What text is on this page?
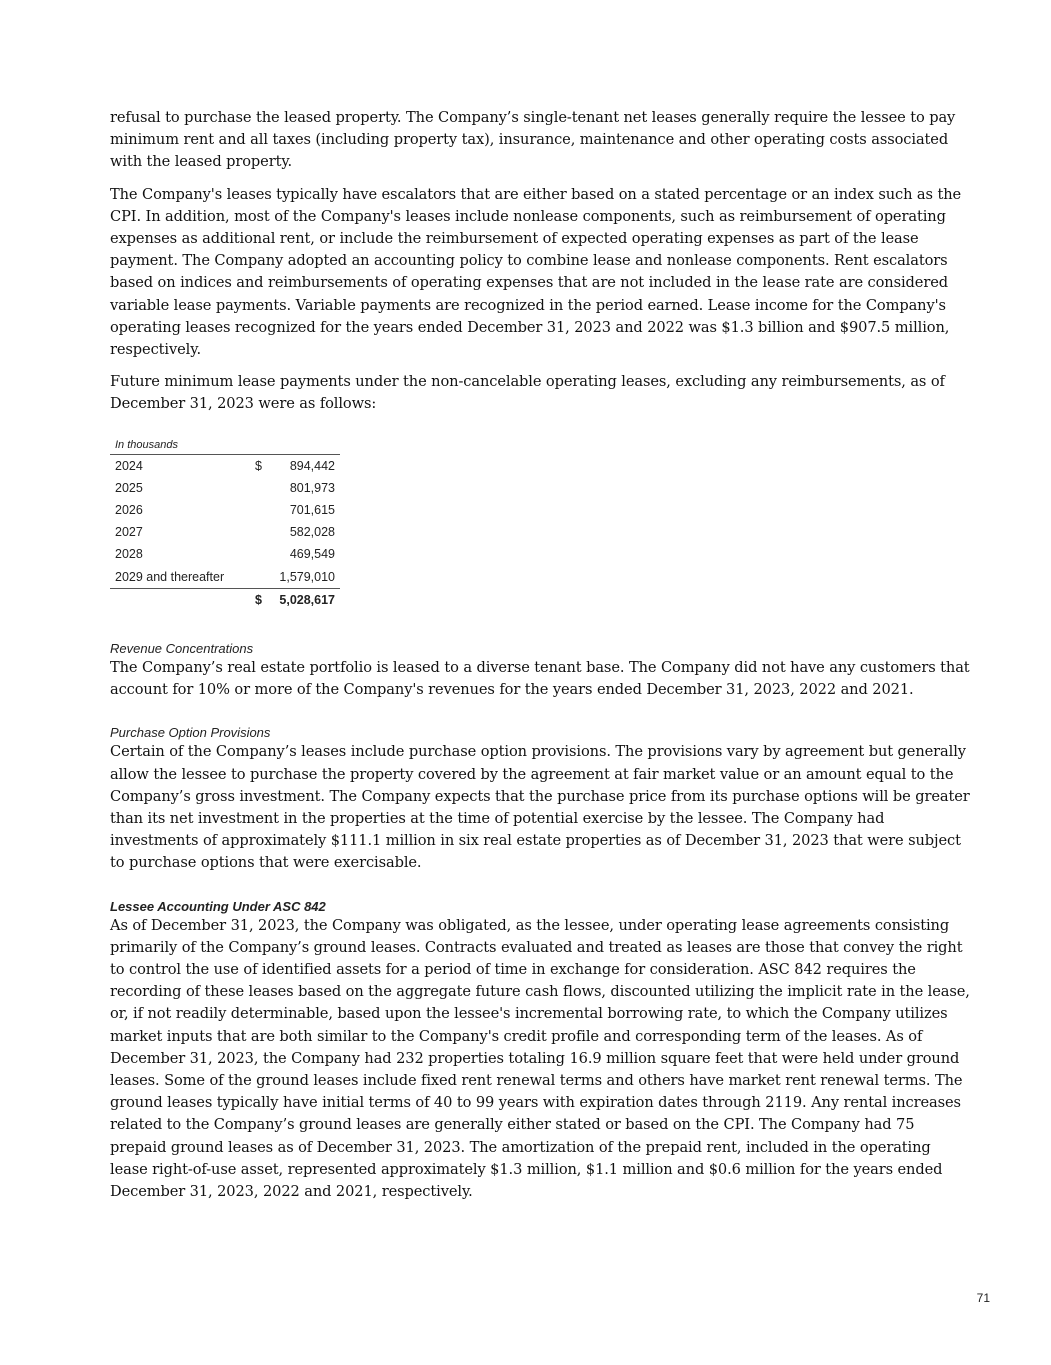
refusal to purchase the leased property. The Company’s single-tenant net leases generally require the lessee to pay minimum rent and all taxes (including property tax), insurance, maintenance and other operating costs associated with the leased property.

The Company's leases typically have escalators that are either based on a stated percentage or an index such as the CPI. In addition, most of the Company's leases include nonlease components, such as reimbursement of operating expenses as additional rent, or include the reimbursement of expected operating expenses as part of the lease payment. The Company adopted an accounting policy to combine lease and nonlease components. Rent escalators based on indices and reimbursements of operating expenses that are not included in the lease rate are considered variable lease payments. Variable payments are recognized in the period earned. Lease income for the Company's operating leases recognized for the years ended December 31, 2023 and 2022 was $1.3 billion and $907.5 million, respectively.

Future minimum lease payments under the non-cancelable operating leases, excluding any reimbursements, as of December 31, 2023 were as follows:

In thousands
2024	$	894,442
2025		801,973
2026		701,615
2027		582,028
2028		469,549
2029 and thereafter		1,579,010
	$	5,028,617
Revenue Concentrations

The Company’s real estate portfolio is leased to a diverse tenant base. The Company did not have any customers that account for 10% or more of the Company's revenues for the years ended December 31, 2023, 2022 and 2021.

Purchase Option Provisions

Certain of the Company’s leases include purchase option provisions. The provisions vary by agreement but generally allow the lessee to purchase the property covered by the agreement at fair market value or an amount equal to the Company’s gross investment. The Company expects that the purchase price from its purchase options will be greater than its net investment in the properties at the time of potential exercise by the lessee. The Company had investments of approximately $111.1 million in six real estate properties as of December 31, 2023 that were subject to purchase options that were exercisable.

Lessee Accounting Under ASC 842

As of December 31, 2023, the Company was obligated, as the lessee, under operating lease agreements consisting primarily of the Company’s ground leases. Contracts evaluated and treated as leases are those that convey the right to control the use of identified assets for a period of time in exchange for consideration. ASC 842 requires the recording of these leases based on the aggregate future cash flows, discounted utilizing the implicit rate in the lease, or, if not readily determinable, based upon the lessee's incremental borrowing rate, to which the Company utilizes market inputs that are both similar to the Company's credit profile and corresponding term of the leases. As of December 31, 2023, the Company had 232 properties totaling 16.9 million square feet that were held under ground leases. Some of the ground leases include fixed rent renewal terms and others have market rent renewal terms. The ground leases typically have initial terms of 40 to 99 years with expiration dates through 2119. Any rental increases related to the Company’s ground leases are generally either stated or based on the CPI. The Company had 75 prepaid ground leases as of December 31, 2023. The amortization of the prepaid rent, included in the operating lease right-of-use asset, represented approximately $1.3 million, $1.1 million and $0.6 million for the years ended December 31, 2023, 2022 and 2021, respectively.

71
